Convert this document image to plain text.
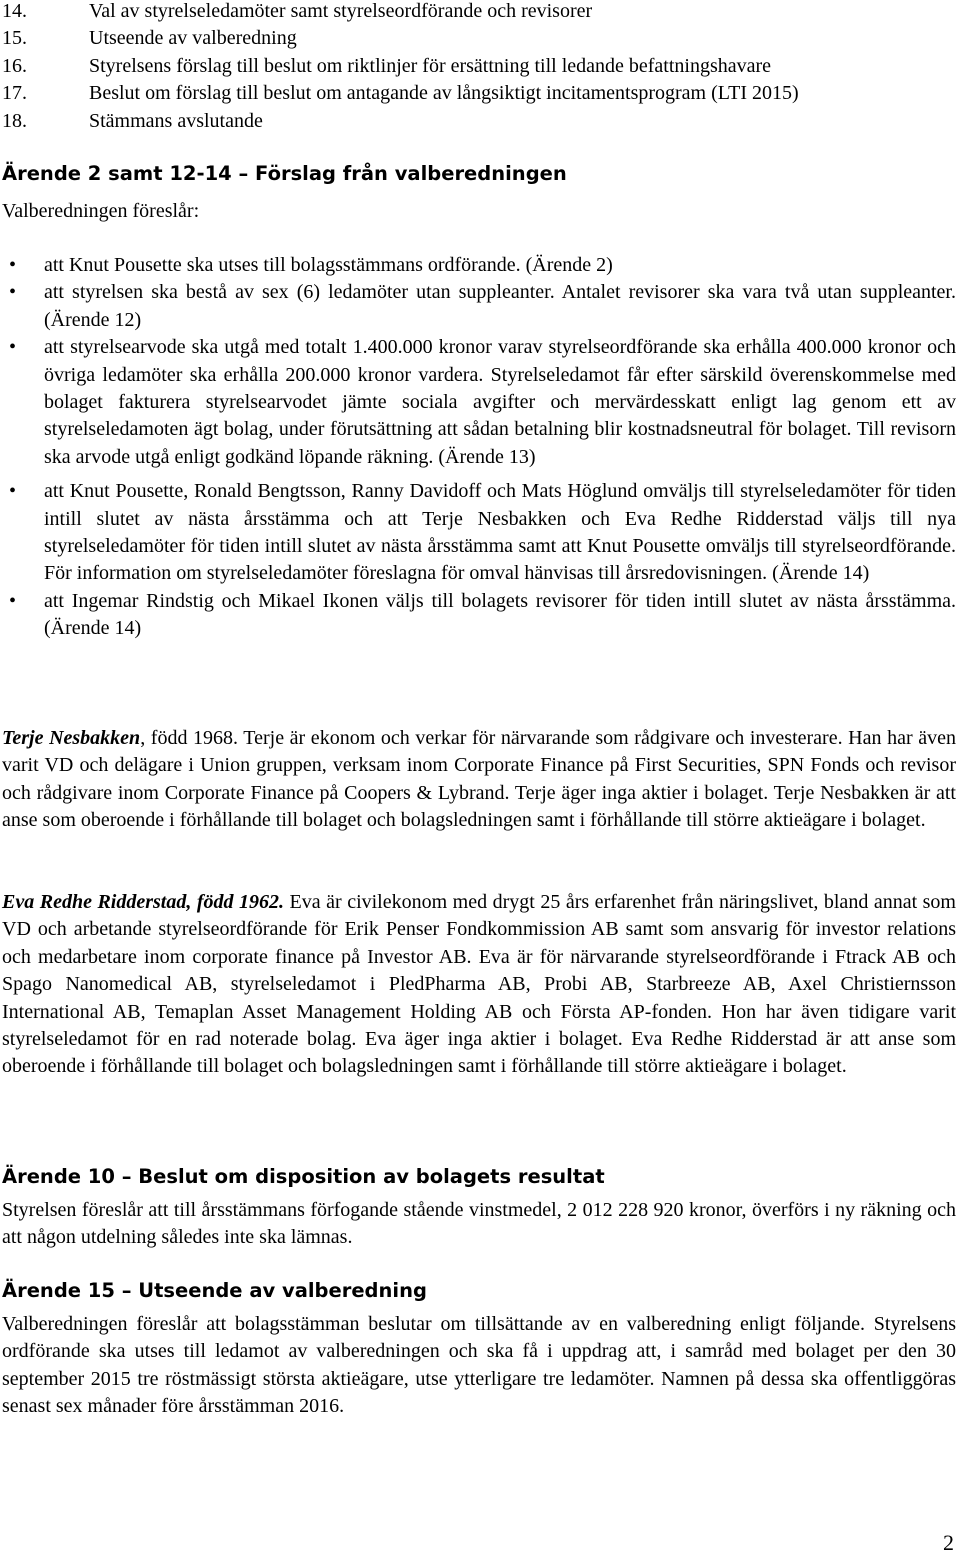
14.	Val av styrelseledamöter samt styrelseordförande och revisorer
15.	Utseende av valberedning
16.	Styrelsens förslag till beslut om riktlinjer för ersättning till ledande befattningshavare
17.	Beslut om förslag till beslut om antagande av långsiktigt incitamentsprogram (LTI 2015)
18.	Stämmans avslutande
Ärende 2 samt 12-14 – Förslag från valberedningen
Valberedningen föreslår:
• att Knut Pousette ska utses till bolagsstämmans ordförande. (Ärende 2)
• att styrelsen ska bestå av sex (6) ledamöter utan suppleanter. Antalet revisorer ska vara två utan suppleanter. (Ärende 12)
• att styrelsearvode ska utgå med totalt 1.400.000 kronor varav styrelseordförande ska erhålla 400.000 kronor och övriga ledamöter ska erhålla 200.000 kronor vardera. Styrelseledamot får efter särskild överenskommelse med bolaget fakturera styrelsearvodet jämte sociala avgifter och mervärdesskatt enligt lag genom ett av styrelseledamoten ägt bolag, under förutsättning att sådan betalning blir kostnadsneutral för bolaget. Till revisorn ska arvode utgå enligt godkänd löpande räkning. (Ärende 13)
• att Knut Pousette, Ronald Bengtsson, Ranny Davidoff och Mats Höglund omväljs till styrelseledamöter för tiden intill slutet av nästa årsstämma och att Terje Nesbakken och Eva Redhe Ridderstad väljs till nya styrelseledamöter för tiden intill slutet av nästa årsstämma samt att Knut Pousette omväljs till styrelseordförande. För information om styrelseledamöter föreslagna för omval hänvisas till årsredovisningen. (Ärende 14)
• att Ingemar Rindstig och Mikael Ikonen väljs till bolagets revisorer för tiden intill slutet av nästa årsstämma. (Ärende 14)
Terje Nesbakken, född 1968. Terje är ekonom och verkar för närvarande som rådgivare och investerare. Han har även varit VD och delägare i Union gruppen, verksam inom Corporate Finance på First Securities, SPN Fonds och revisor och rådgivare inom Corporate Finance på Coopers & Lybrand. Terje äger inga aktier i bolaget. Terje Nesbakken är att anse som oberoende i förhållande till bolaget och bolagsledningen samt i förhållande till större aktieägare i bolaget.
Eva Redhe Ridderstad, född 1962. Eva är civilekonom med drygt 25 års erfarenhet från näringslivet, bland annat som VD och arbetande styrelseordförande för Erik Penser Fondkommission AB samt som ansvarig för investor relations och medarbetare inom corporate finance på Investor AB. Eva är för närvarande styrelseordförande i Ftrack AB och Spago Nanomedical AB, styrelseledamot i PledPharma AB, Probi AB, Starbreeze AB, Axel Christiernsson International AB, Temaplan Asset Management Holding AB och Första AP-fonden. Hon har även tidigare varit styrelseledamot för en rad noterade bolag. Eva äger inga aktier i bolaget. Eva Redhe Ridderstad är att anse som oberoende i förhållande till bolaget och bolagsledningen samt i förhållande till större aktieägare i bolaget.
Ärende 10 – Beslut om disposition av bolagets resultat
Styrelsen föreslår att till årsstämmans förfogande stående vinstmedel, 2 012 228 920 kronor, överförs i ny räkning och att någon utdelning således inte ska lämnas.
Ärende 15 – Utseende av valberedning
Valberedningen föreslår att bolagsstämman beslutar om tillsättande av en valberedning enligt följande. Styrelsens ordförande ska utses till ledamot av valberedningen och ska få i uppdrag att, i samråd med bolaget per den 30 september 2015 tre röstmässigt största aktieägare, utse ytterligare tre ledamöter. Namnen på dessa ska offentliggöras senast sex månader före årsstämman 2016.
2
